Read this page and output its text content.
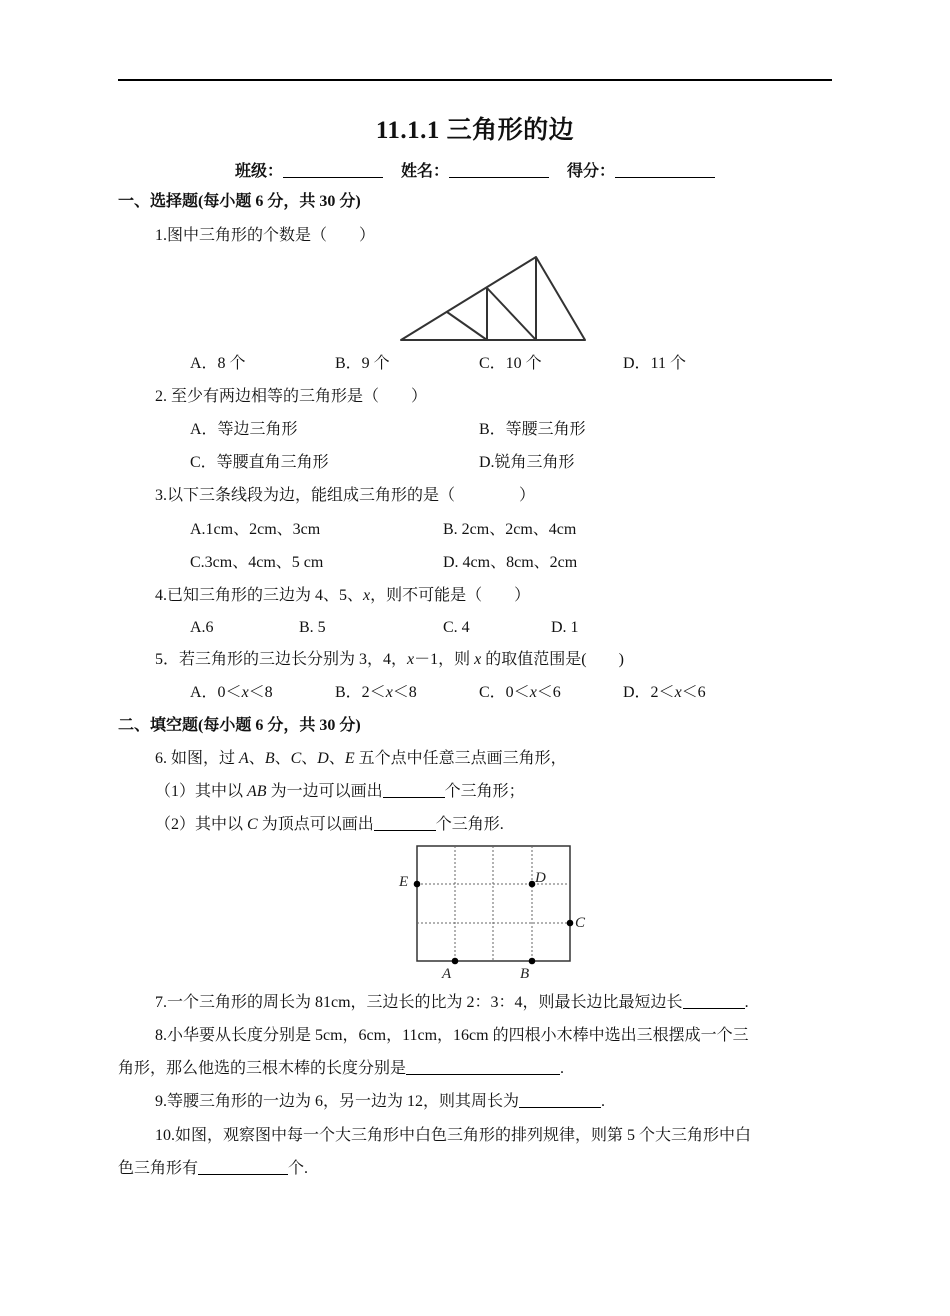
11.1.1 三角形的边
班级：	姓名：	得分：
一、选择题(每小题 6 分，共 30 分)
1.图中三角形的个数是（　　）
A．8 个	B．9 个	C．10 个	D．11 个
2. 至少有两边相等的三角形是（　　）
A．等边三角形	B．等腰三角形
C．等腰直角三角形	D.锐角三角形
3.以下三条线段为边，能组成三角形的是（　　　　）
A.1cm、2cm、3cm	B. 2cm、2cm、4cm
C.3cm、4cm、5 cm	D. 4cm、8cm、2cm
4.已知三角形的三边为 4、5、x，则不可能是（　　）
A.6	B. 5	C. 4	D. 1
5．若三角形的三边长分别为 3，4，x－1，则 x 的取值范围是(　　)
A．0＜x＜8	B．2＜x＜8	C．0＜x＜6	D．2＜x＜6
二、填空题(每小题 6 分，共 30 分)
6. 如图，过 A、B、C、D、E 五个点中任意三点画三角形，
（1）其中以 AB 为一边可以画出	个三角形；
（2）其中以 C 为顶点可以画出	个三角形.
E	D
C
A	B
7.一个三角形的周长为 81cm，三边长的比为 2：3：4，则最长边比最短边长	.
8.小华要从长度分别是 5cm，6cm，11cm，16cm 的四根小木棒中选出三根摆成一个三
角形，那么他选的三根木棒的长度分别是	.
9.等腰三角形的一边为 6，另一边为 12，则其周长为	.
10.如图，观察图中每一个大三角形中白色三角形的排列规律，则第 5 个大三角形中白
色三角形有	个.
